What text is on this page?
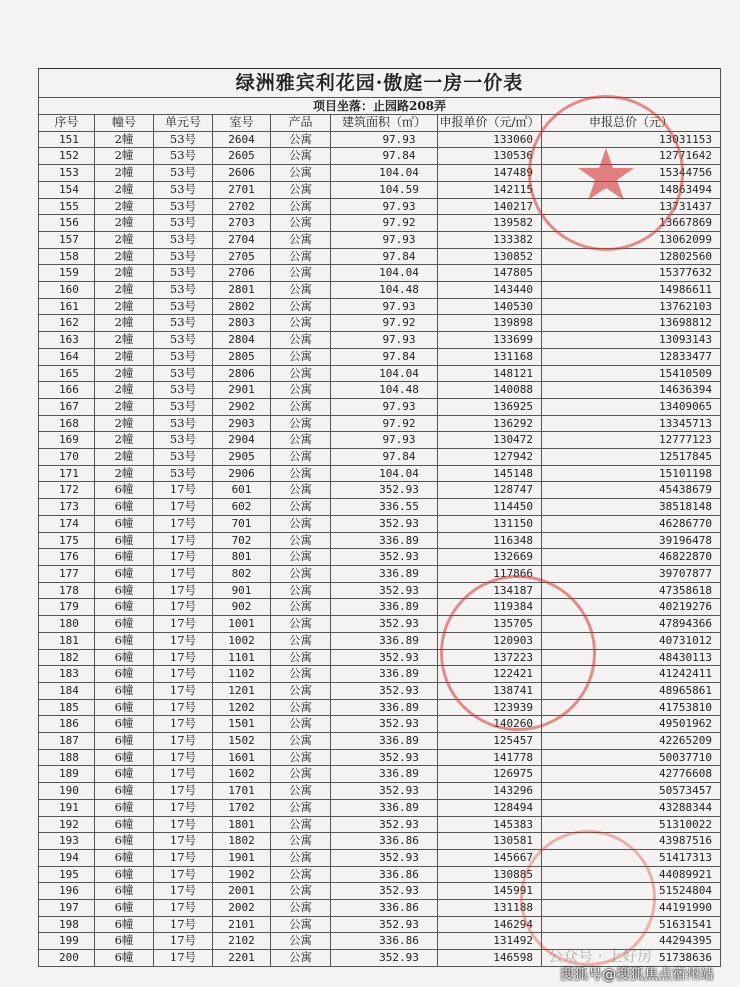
绿洲雅宾利花园·傲庭一房一价表							
项目坐落：止园路208弄							
序号	幢号	单元号	室号	产品	建筑面积（㎡）	申报单价（元/㎡）	申报总价（元）
151	2幢	53号	2604	公寓	97.93	133060	13031153
152	2幢	53号	2605	公寓	97.84	130536	12771642
153	2幢	53号	2606	公寓	104.04	147489	15344756
154	2幢	53号	2701	公寓	104.59	142115	14863494
155	2幢	53号	2702	公寓	97.93	140217	13731437
156	2幢	53号	2703	公寓	97.92	139582	13667869
157	2幢	53号	2704	公寓	97.93	133382	13062099
158	2幢	53号	2705	公寓	97.84	130852	12802560
159	2幢	53号	2706	公寓	104.04	147805	15377632
160	2幢	53号	2801	公寓	104.48	143440	14986611
161	2幢	53号	2802	公寓	97.93	140530	13762103
162	2幢	53号	2803	公寓	97.92	139898	13698812
163	2幢	53号	2804	公寓	97.93	133699	13093143
164	2幢	53号	2805	公寓	97.84	131168	12833477
165	2幢	53号	2806	公寓	104.04	148121	15410509
166	2幢	53号	2901	公寓	104.48	140088	14636394
167	2幢	53号	2902	公寓	97.93	136925	13409065
168	2幢	53号	2903	公寓	97.92	136292	13345713
169	2幢	53号	2904	公寓	97.93	130472	12777123
170	2幢	53号	2905	公寓	97.84	127942	12517845
171	2幢	53号	2906	公寓	104.04	145148	15101198
172	6幢	17号	601	公寓	352.93	128747	45438679
173	6幢	17号	602	公寓	336.55	114450	38518148
174	6幢	17号	701	公寓	352.93	131150	46286770
175	6幢	17号	702	公寓	336.89	116348	39196478
176	6幢	17号	801	公寓	352.93	132669	46822870
177	6幢	17号	802	公寓	336.89	117866	39707877
178	6幢	17号	901	公寓	352.93	134187	47358618
179	6幢	17号	902	公寓	336.89	119384	40219276
180	6幢	17号	1001	公寓	352.93	135705	47894366
181	6幢	17号	1002	公寓	336.89	120903	40731012
182	6幢	17号	1101	公寓	352.93	137223	48430113
183	6幢	17号	1102	公寓	336.89	122421	41242411
184	6幢	17号	1201	公寓	352.93	138741	48965861
185	6幢	17号	1202	公寓	336.89	123939	41753810
186	6幢	17号	1501	公寓	352.93	140260	49501962
187	6幢	17号	1502	公寓	336.89	125457	42265209
188	6幢	17号	1601	公寓	352.93	141778	50037710
189	6幢	17号	1602	公寓	336.89	126975	42776608
190	6幢	17号	1701	公寓	352.93	143296	50573457
191	6幢	17号	1702	公寓	336.89	128494	43288344
192	6幢	17号	1801	公寓	352.93	145383	51310022
193	6幢	17号	1802	公寓	336.86	130581	43987516
194	6幢	17号	1901	公寓	352.93	145667	51417313
195	6幢	17号	1902	公寓	336.86	130885	44089921
196	6幢	17号	2001	公寓	352.93	145991	51524804
197	6幢	17号	2002	公寓	336.86	131188	44191990
198	6幢	17号	2101	公寓	352.93	146294	51631541
199	6幢	17号	2102	公寓	336.86	131492	44294395
200	6幢	17号	2201	公寓	352.93	146598	51738636
公众号 · 上好房
搜狐号@搜狐焦点宿州站
